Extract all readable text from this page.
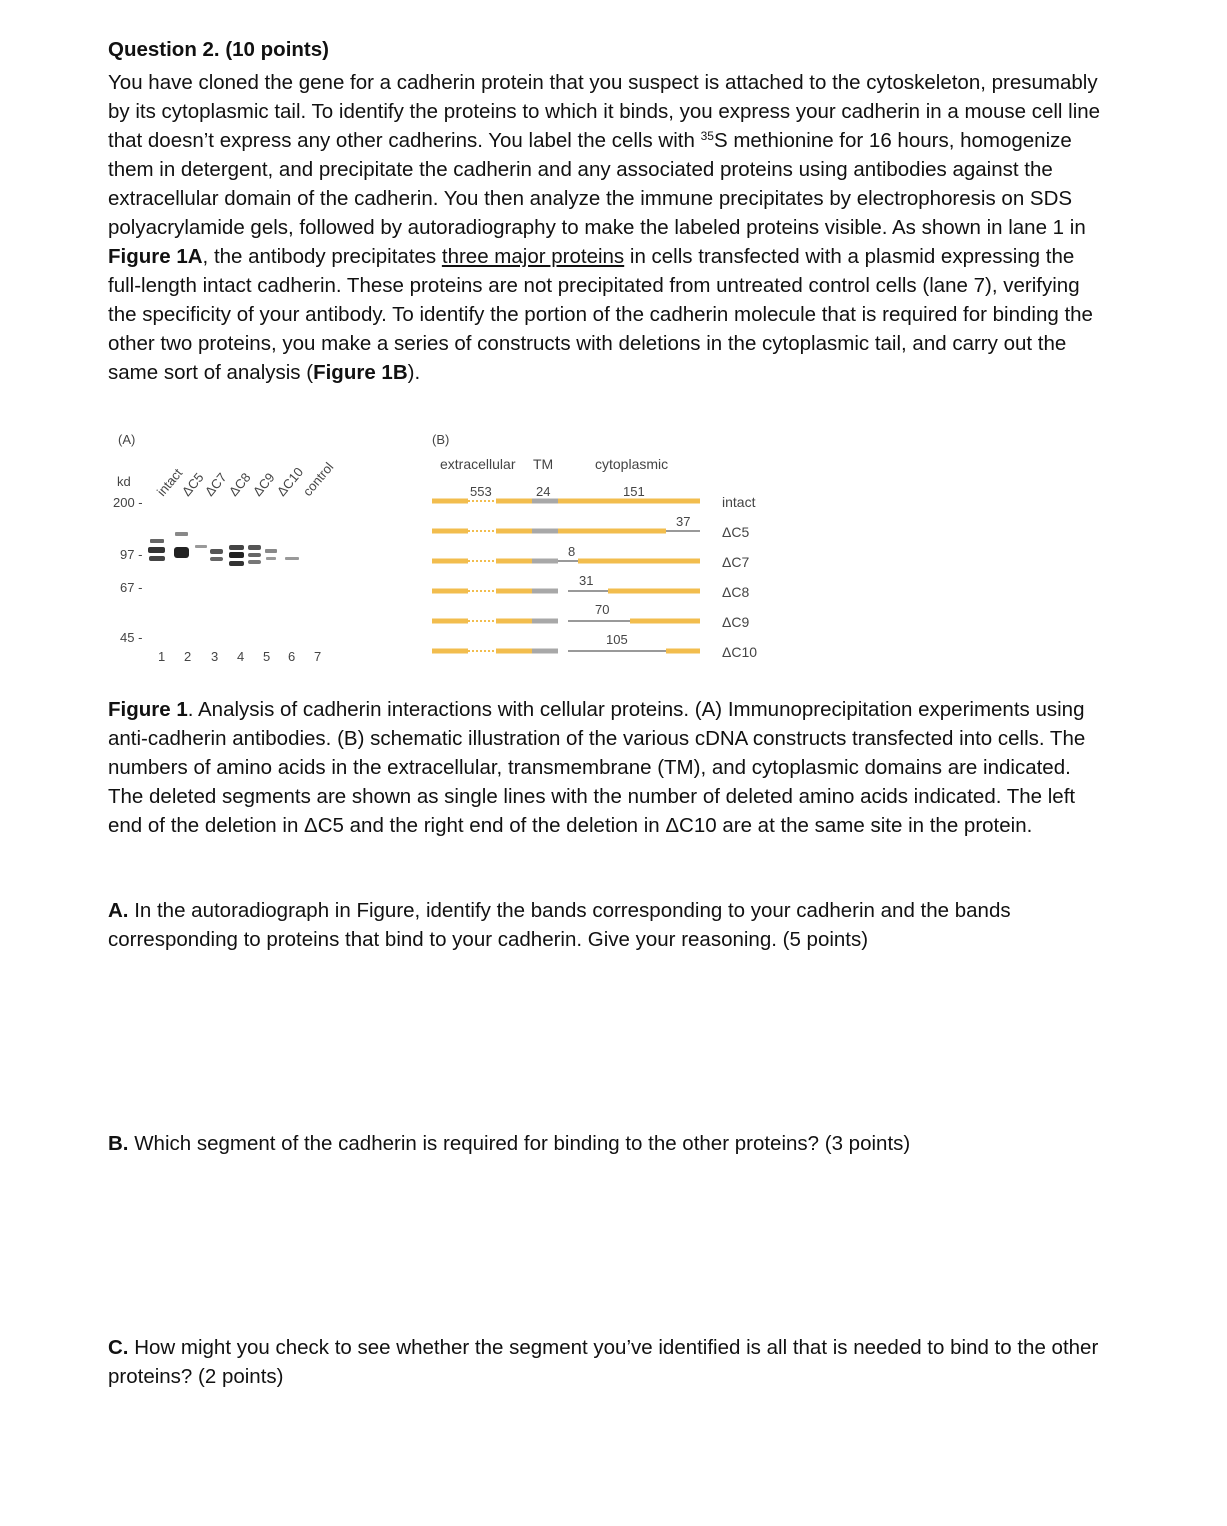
Question 2. (10 points)
You have cloned the gene for a cadherin protein that you suspect is attached to the cytoskeleton, presumably by its cytoplasmic tail. To identify the proteins to which it binds, you express your cadherin in a mouse cell line that doesn’t express any other cadherins. You label the cells with $^{35}$S methionine for 16 hours, homogenize them in detergent, and precipitate the cadherin and any associated proteins using antibodies against the extracellular domain of the cadherin. You then analyze the immune precipitates by electrophoresis on SDS polyacrylamide gels, followed by autoradiography to make the labeled proteins visible. As shown in lane 1 in Figure 1A, the antibody precipitates three major proteins in cells transfected with a plasmid expressing the full-length intact cadherin. These proteins are not precipitated from untreated control cells (lane 7), verifying the specificity of your antibody. To identify the portion of the cadherin molecule that is required for binding the other two proteins, you make a series of constructs with deletions in the cytoplasmic tail, and carry out the same sort of analysis (Figure 1B).
(A)
kd
200 -
97 -
67 -
45 -
intact
ΔC5
ΔC7
ΔC8
ΔC9
ΔC10
control
1 2 3 4 5 6 7
(B)
extracellular TM	cytoplasmic
553	24	151
intact
37
ΔC5
8
ΔC7
31
ΔC8
70
ΔC9
105
ΔC10
Figure 1. Analysis of cadherin interactions with cellular proteins. (A) Immunoprecipitation experiments using anti-cadherin antibodies. (B) schematic illustration of the various cDNA constructs transfected into cells. The numbers of amino acids in the extracellular, transmembrane (TM), and cytoplasmic domains are indicated. The deleted segments are shown as single lines with the number of deleted amino acids indicated. The left end of the deletion in ΔC5 and the right end of the deletion in ΔC10 are at the same site in the protein.
A. In the autoradiograph in Figure, identify the bands corresponding to your cadherin and the bands corresponding to proteins that bind to your cadherin. Give your reasoning. (5 points)
B. Which segment of the cadherin is required for binding to the other proteins? (3 points)
C. How might you check to see whether the segment you’ve identified is all that is needed to bind to the other proteins? (2 points)
